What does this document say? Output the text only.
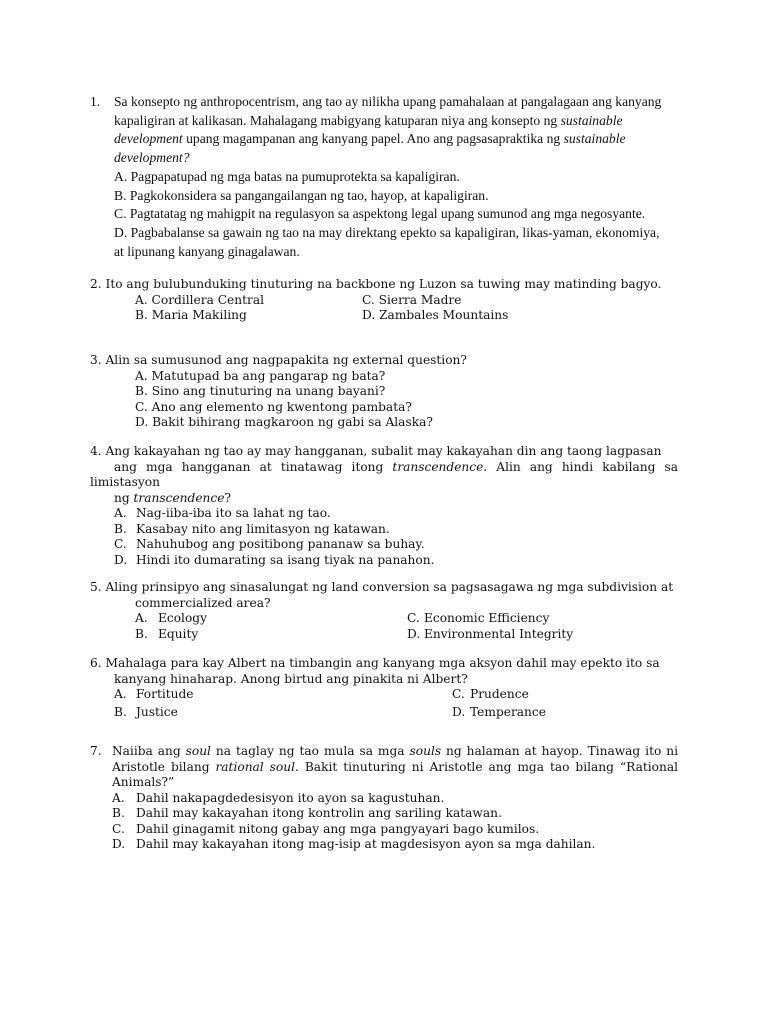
1. Sa konsepto ng anthropocentrism, ang tao ay nilikha upang pamahalaan at pangalagaan ang kanyang
kapaligiran at kalikasan. Mahalagang mabigyang katuparan niya ang konsepto ng sustainable
development upang magampanan ang kanyang papel. Ano ang pagsasapraktika ng sustainable
development?
A. Pagpapatupad ng mga batas na pumuprotekta sa kapaligiran.
B. Pagkokonsidera sa pangangailangan ng tao, hayop, at kapaligiran.
C. Pagtatatag ng mahigpit na regulasyon sa aspektong legal upang sumunod ang mga negosyante.
D. Pagbabalanse sa gawain ng tao na may direktang epekto sa kapaligiran, likas-yaman, ekonomiya,
at lipunang kanyang ginagalawan.
2. Ito ang bulubunduking tinuturing na backbone ng Luzon sa tuwing may matinding bagyo.
A. Cordillera Central	C. Sierra Madre
B. Maria Makiling	D. Zambales Mountains
3. Alin sa sumusunod ang nagpapakita ng external question?
A. Matutupad ba ang pangarap ng bata?
B. Sino ang tinuturing na unang bayani?
C. Ano ang elemento ng kwentong pambata?
D. Bakit bihirang magkaroon ng gabi sa Alaska?
4. Ang kakayahan ng tao ay may hangganan, subalit may kakayahan din ang taong lagpasan
ang mga hangganan at tinatawag itong transcendence. Alin ang hindi kabilang sa
limistasyon
ng transcendence?
A. Nag-iiba-iba ito sa lahat ng tao.
B. Kasabay nito ang limitasyon ng katawan.
C. Nahuhubog ang positibong pananaw sa buhay.
D. Hindi ito dumarating sa isang tiyak na panahon.
5. Aling prinsipyo ang sinasalungat ng land conversion sa pagsasagawa ng mga subdivision at
commercialized area?
A. Ecology	C. Economic Efficiency
B. Equity	D. Environmental Integrity
6. Mahalaga para kay Albert na timbangin ang kanyang mga aksyon dahil may epekto ito sa
kanyang hinaharap. Anong birtud ang pinakita ni Albert?
A. Fortitude	C. Prudence
B. Justice	D. Temperance
7. Naiiba ang soul na taglay ng tao mula sa mga souls ng halaman at hayop. Tinawag ito ni
Aristotle bilang rational soul. Bakit tinuturing ni Aristotle ang mga tao bilang “Rational
Animals?”
A. Dahil nakapagdedesisyon ito ayon sa kagustuhan.
B. Dahil may kakayahan itong kontrolin ang sariling katawan.
C. Dahil ginagamit nitong gabay ang mga pangyayari bago kumilos.
D. Dahil may kakayahan itong mag-isip at magdesisyon ayon sa mga dahilan.
